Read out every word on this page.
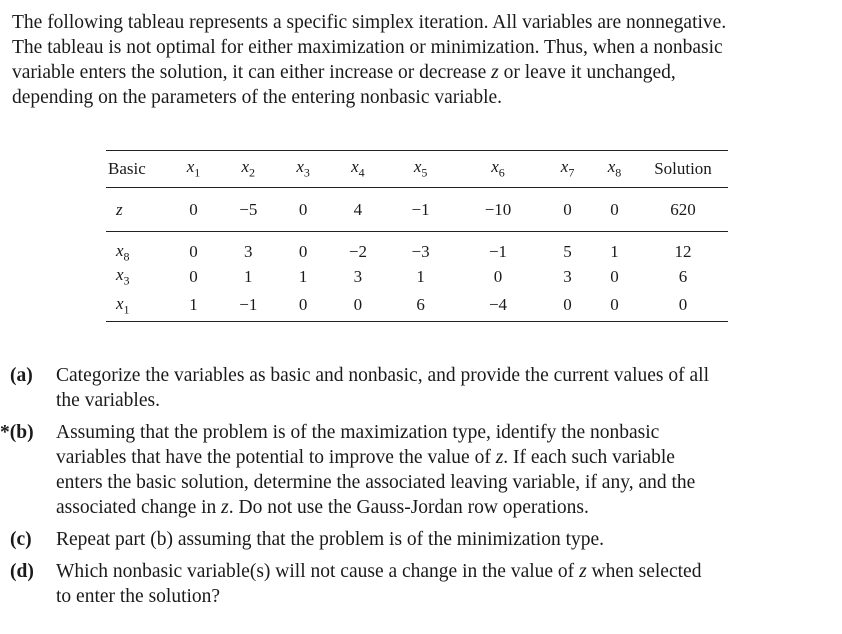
The following tableau represents a specific simplex iteration. All variables are nonnegative.
The tableau is not optimal for either maximization or minimization. Thus, when a nonbasic
variable enters the solution, it can either increase or decrease z or leave it unchanged,
depending on the parameters of the entering nonbasic variable.
Basic	$x_1$	$x_2$	$x_3$	$x_4$	$x_5$	$x_6$	$x_7$	$x_8$	Solution
z	0	−5	0	4	−1	−10	0	0	620
$x_8$	0	3	0	−2	−3	−1	5	1	12
$x_3$	0	1	1	3	1	0	3	0	6
$x_1$	1	−1	0	0	6	−4	0	0	0
(a) Categorize the variables as basic and nonbasic, and provide the current values of all
the variables.
*(b) Assuming that the problem is of the maximization type, identify the nonbasic
variables that have the potential to improve the value of z. If each such variable
enters the basic solution, determine the associated leaving variable, if any, and the
associated change in z. Do not use the Gauss-Jordan row operations.
(c) Repeat part (b) assuming that the problem is of the minimization type.
(d) Which nonbasic variable(s) will not cause a change in the value of z when selected
to enter the solution?
